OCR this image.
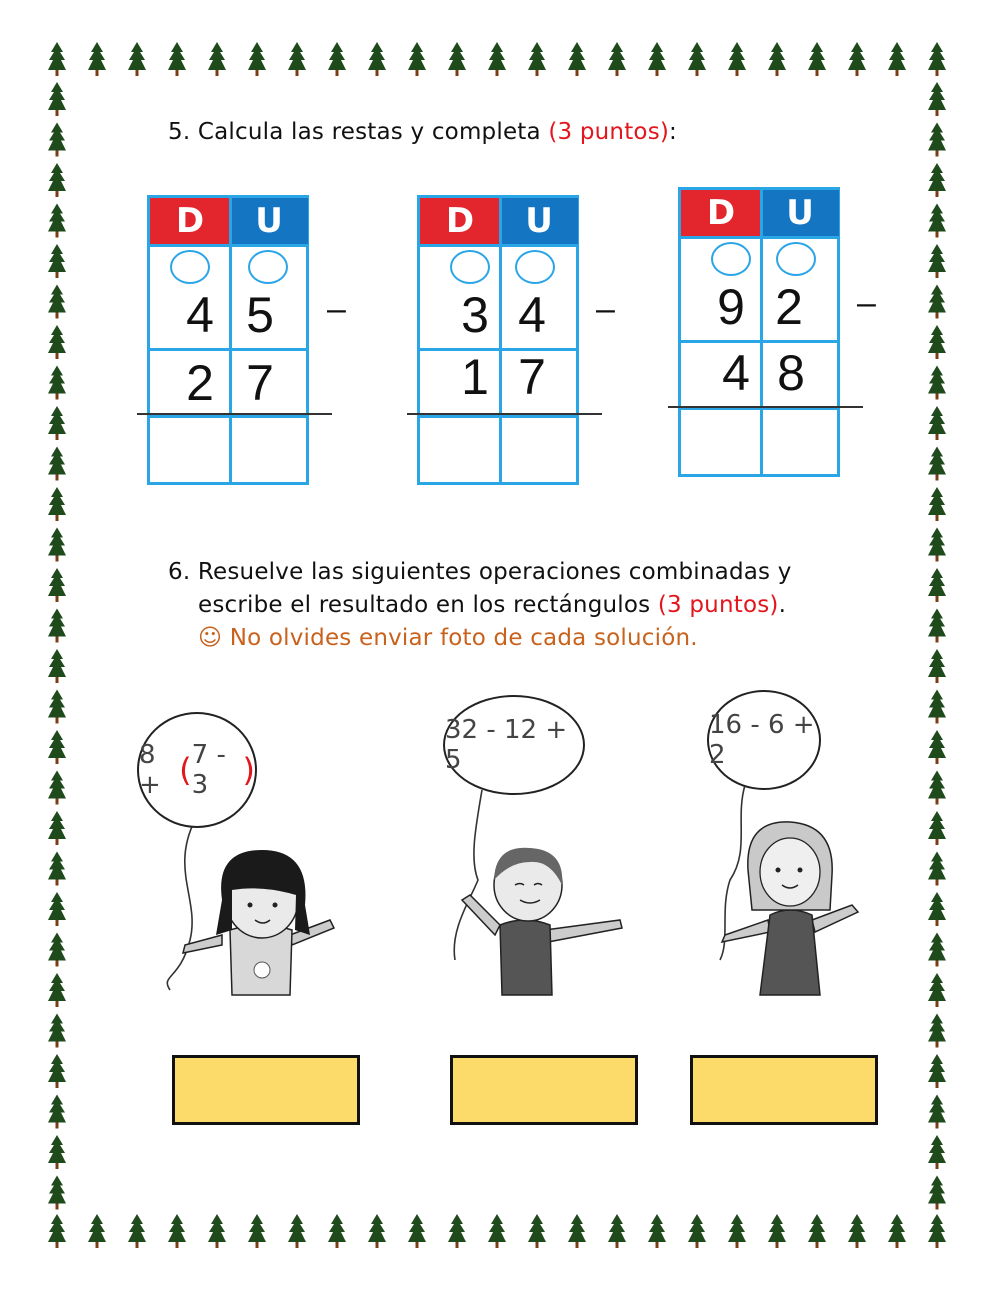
5. Calcula las restas y completa (3 puntos):
D	U
4 5
2 7
–
D	U
3 4
1 7
–
D	U
9 2
4 8
–
6. Resuelve las siguientes operaciones combinadas y
escribe el resultado en los rectángulos (3 puntos).
☺ No olvides enviar foto de cada solución.
8 + ( 7 - 3	)
32 - 12 + 5
16 - 6 + 2
